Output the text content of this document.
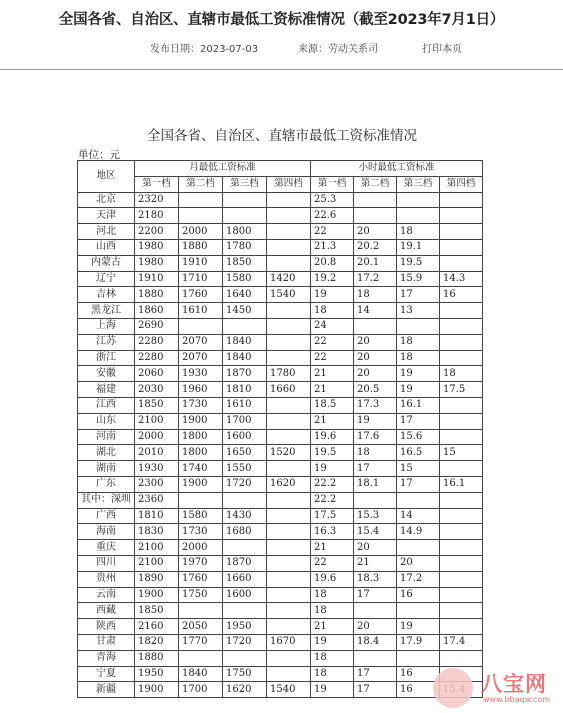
全国各省、自治区、直辖市最低工资标准情况（截至2023年7月1日）
发布日期：2023-07-03	来源：劳动关系司	打印本页
全国各省、自治区、直辖市最低工资标准情况
单位：元
地区	月最低工资标准				小时最低工资标准			
	第一档	第二档	第三档	第四档	第一档	第二档	第三档	第四档
北京	2320				25.3			
天津	2180				22.6			
河北	2200	2000	1800		22	20	18	
山西	1980	1880	1780		21.3	20.2	19.1	
内蒙古	1980	1910	1850		20.8	20.1	19.5	
辽宁	1910	1710	1580	1420	19.2	17.2	15.9	14.3
吉林	1880	1760	1640	1540	19	18	17	16
黑龙江	1860	1610	1450		18	14	13	
上海	2690				24			
江苏	2280	2070	1840		22	20	18	
浙江	2280	2070	1840		22	20	18	
安徽	2060	1930	1870	1780	21	20	19	18
福建	2030	1960	1810	1660	21	20.5	19	17.5
江西	1850	1730	1610		18.5	17.3	16.1	
山东	2100	1900	1700		21	19	17	
河南	2000	1800	1600		19.6	17.6	15.6	
湖北	2010	1800	1650	1520	19.5	18	16.5	15
湖南	1930	1740	1550		19	17	15	
广东	2300	1900	1720	1620	22.2	18.1	17	16.1
其中：深圳	2360				22.2			
广西	1810	1580	1430		17.5	15.3	14	
海南	1830	1730	1680		16.3	15.4	14.9	
重庆	2100	2000			21	20		
四川	2100	1970	1870		22	21	20	
贵州	1890	1760	1660		19.6	18.3	17.2	
云南	1900	1750	1600		18	17	16	
西藏	1850				18			
陕西	2160	2050	1950		21	20	19	
甘肃	1820	1770	1720	1670	19	18.4	17.9	17.4
青海	1880				18			
宁夏	1950	1840	1750		18	17	16	
新疆	1900	1700	1620	1540	19	17	16		八宝网
www.bbaqw.com
